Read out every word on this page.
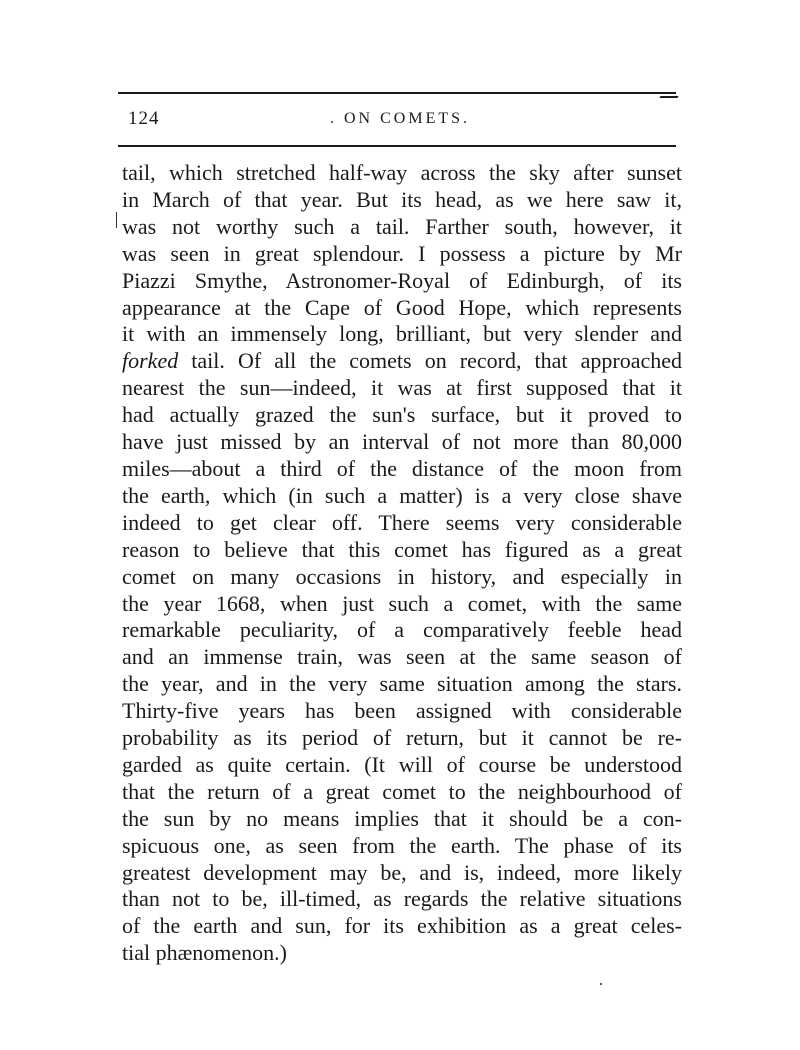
124	. ON COMETS.
tail, which stretched half-way across the sky after sunset
in March of that year. But its head, as we here saw it,
was not worthy such a tail. Farther south, however, it
was seen in great splendour. I possess a picture by Mr
Piazzi Smythe, Astronomer-Royal of Edinburgh, of its
appearance at the Cape of Good Hope, which represents
it with an immensely long, brilliant, but very slender and
forked tail. Of all the comets on record, that approached
nearest the sun—indeed, it was at first supposed that it
had actually grazed the sun's surface, but it proved to
have just missed by an interval of not more than 80,000
miles—about a third of the distance of the moon from
the earth, which (in such a matter) is a very close shave
indeed to get clear off. There seems very considerable
reason to believe that this comet has figured as a great
comet on many occasions in history, and especially in
the year 1668, when just such a comet, with the same
remarkable peculiarity, of a comparatively feeble head
and an immense train, was seen at the same season of
the year, and in the very same situation among the stars.
Thirty-five years has been assigned with considerable
probability as its period of return, but it cannot be re-
garded as quite certain. (It will of course be understood
that the return of a great comet to the neighbourhood of
the sun by no means implies that it should be a con-
spicuous one, as seen from the earth. The phase of its
greatest development may be, and is, indeed, more likely
than not to be, ill-timed, as regards the relative situations
of the earth and sun, for its exhibition as a great celes-
tial phænomenon.)
